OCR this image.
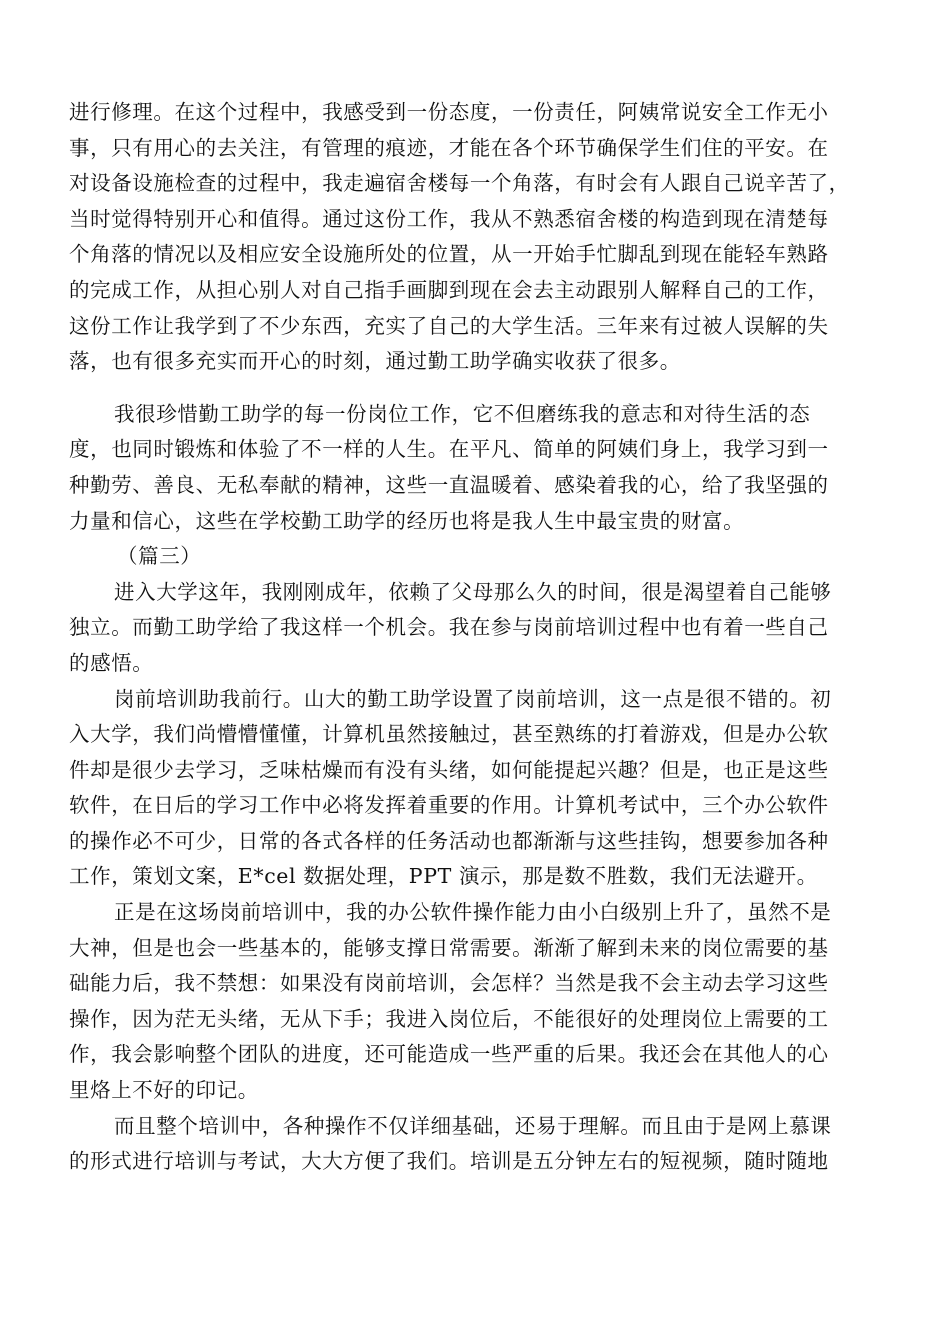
进行修理。在这个过程中，我感受到一份态度，一份责任，阿姨常说安全工作无小
事，只有用心的去关注，有管理的痕迹，才能在各个环节确保学生们住的平安。在
对设备设施检查的过程中，我走遍宿舍楼每一个角落，有时会有人跟自己说辛苦了，
当时觉得特别开心和值得。通过这份工作，我从不熟悉宿舍楼的构造到现在清楚每
个角落的情况以及相应安全设施所处的位置，从一开始手忙脚乱到现在能轻车熟路
的完成工作，从担心别人对自己指手画脚到现在会去主动跟别人解释自己的工作，
这份工作让我学到了不少东西，充实了自己的大学生活。三年来有过被人误解的失
落，也有很多充实而开心的时刻，通过勤工助学确实收获了很多。
我很珍惜勤工助学的每一份岗位工作，它不但磨练我的意志和对待生活的态
度，也同时锻炼和体验了不一样的人生。在平凡、简单的阿姨们身上，我学习到一
种勤劳、善良、无私奉献的精神，这些一直温暖着、感染着我的心，给了我坚强的
力量和信心，这些在学校勤工助学的经历也将是我人生中最宝贵的财富。
（篇三）
进入大学这年，我刚刚成年，依赖了父母那么久的时间，很是渴望着自己能够
独立。而勤工助学给了我这样一个机会。我在参与岗前培训过程中也有着一些自己
的感悟。
岗前培训助我前行。山大的勤工助学设置了岗前培训，这一点是很不错的。初
入大学，我们尚懵懵懂懂，计算机虽然接触过，甚至熟练的打着游戏，但是办公软
件却是很少去学习，乏味枯燥而有没有头绪，如何能提起兴趣？但是，也正是这些
软件，在日后的学习工作中必将发挥着重要的作用。计算机考试中，三个办公软件
的操作必不可少，日常的各式各样的任务活动也都渐渐与这些挂钩，想要参加各种
工作，策划文案，E*cel 数据处理，PPT 演示，那是数不胜数，我们无法避开。
正是在这场岗前培训中，我的办公软件操作能力由小白级别上升了，虽然不是
大神，但是也会一些基本的，能够支撑日常需要。渐渐了解到未来的岗位需要的基
础能力后，我不禁想：如果没有岗前培训，会怎样？当然是我不会主动去学习这些
操作，因为茫无头绪，无从下手；我进入岗位后，不能很好的处理岗位上需要的工
作，我会影响整个团队的进度，还可能造成一些严重的后果。我还会在其他人的心
里烙上不好的印记。
而且整个培训中，各种操作不仅详细基础，还易于理解。而且由于是网上慕课
的形式进行培训与考试，大大方便了我们。培训是五分钟左右的短视频，随时随地
